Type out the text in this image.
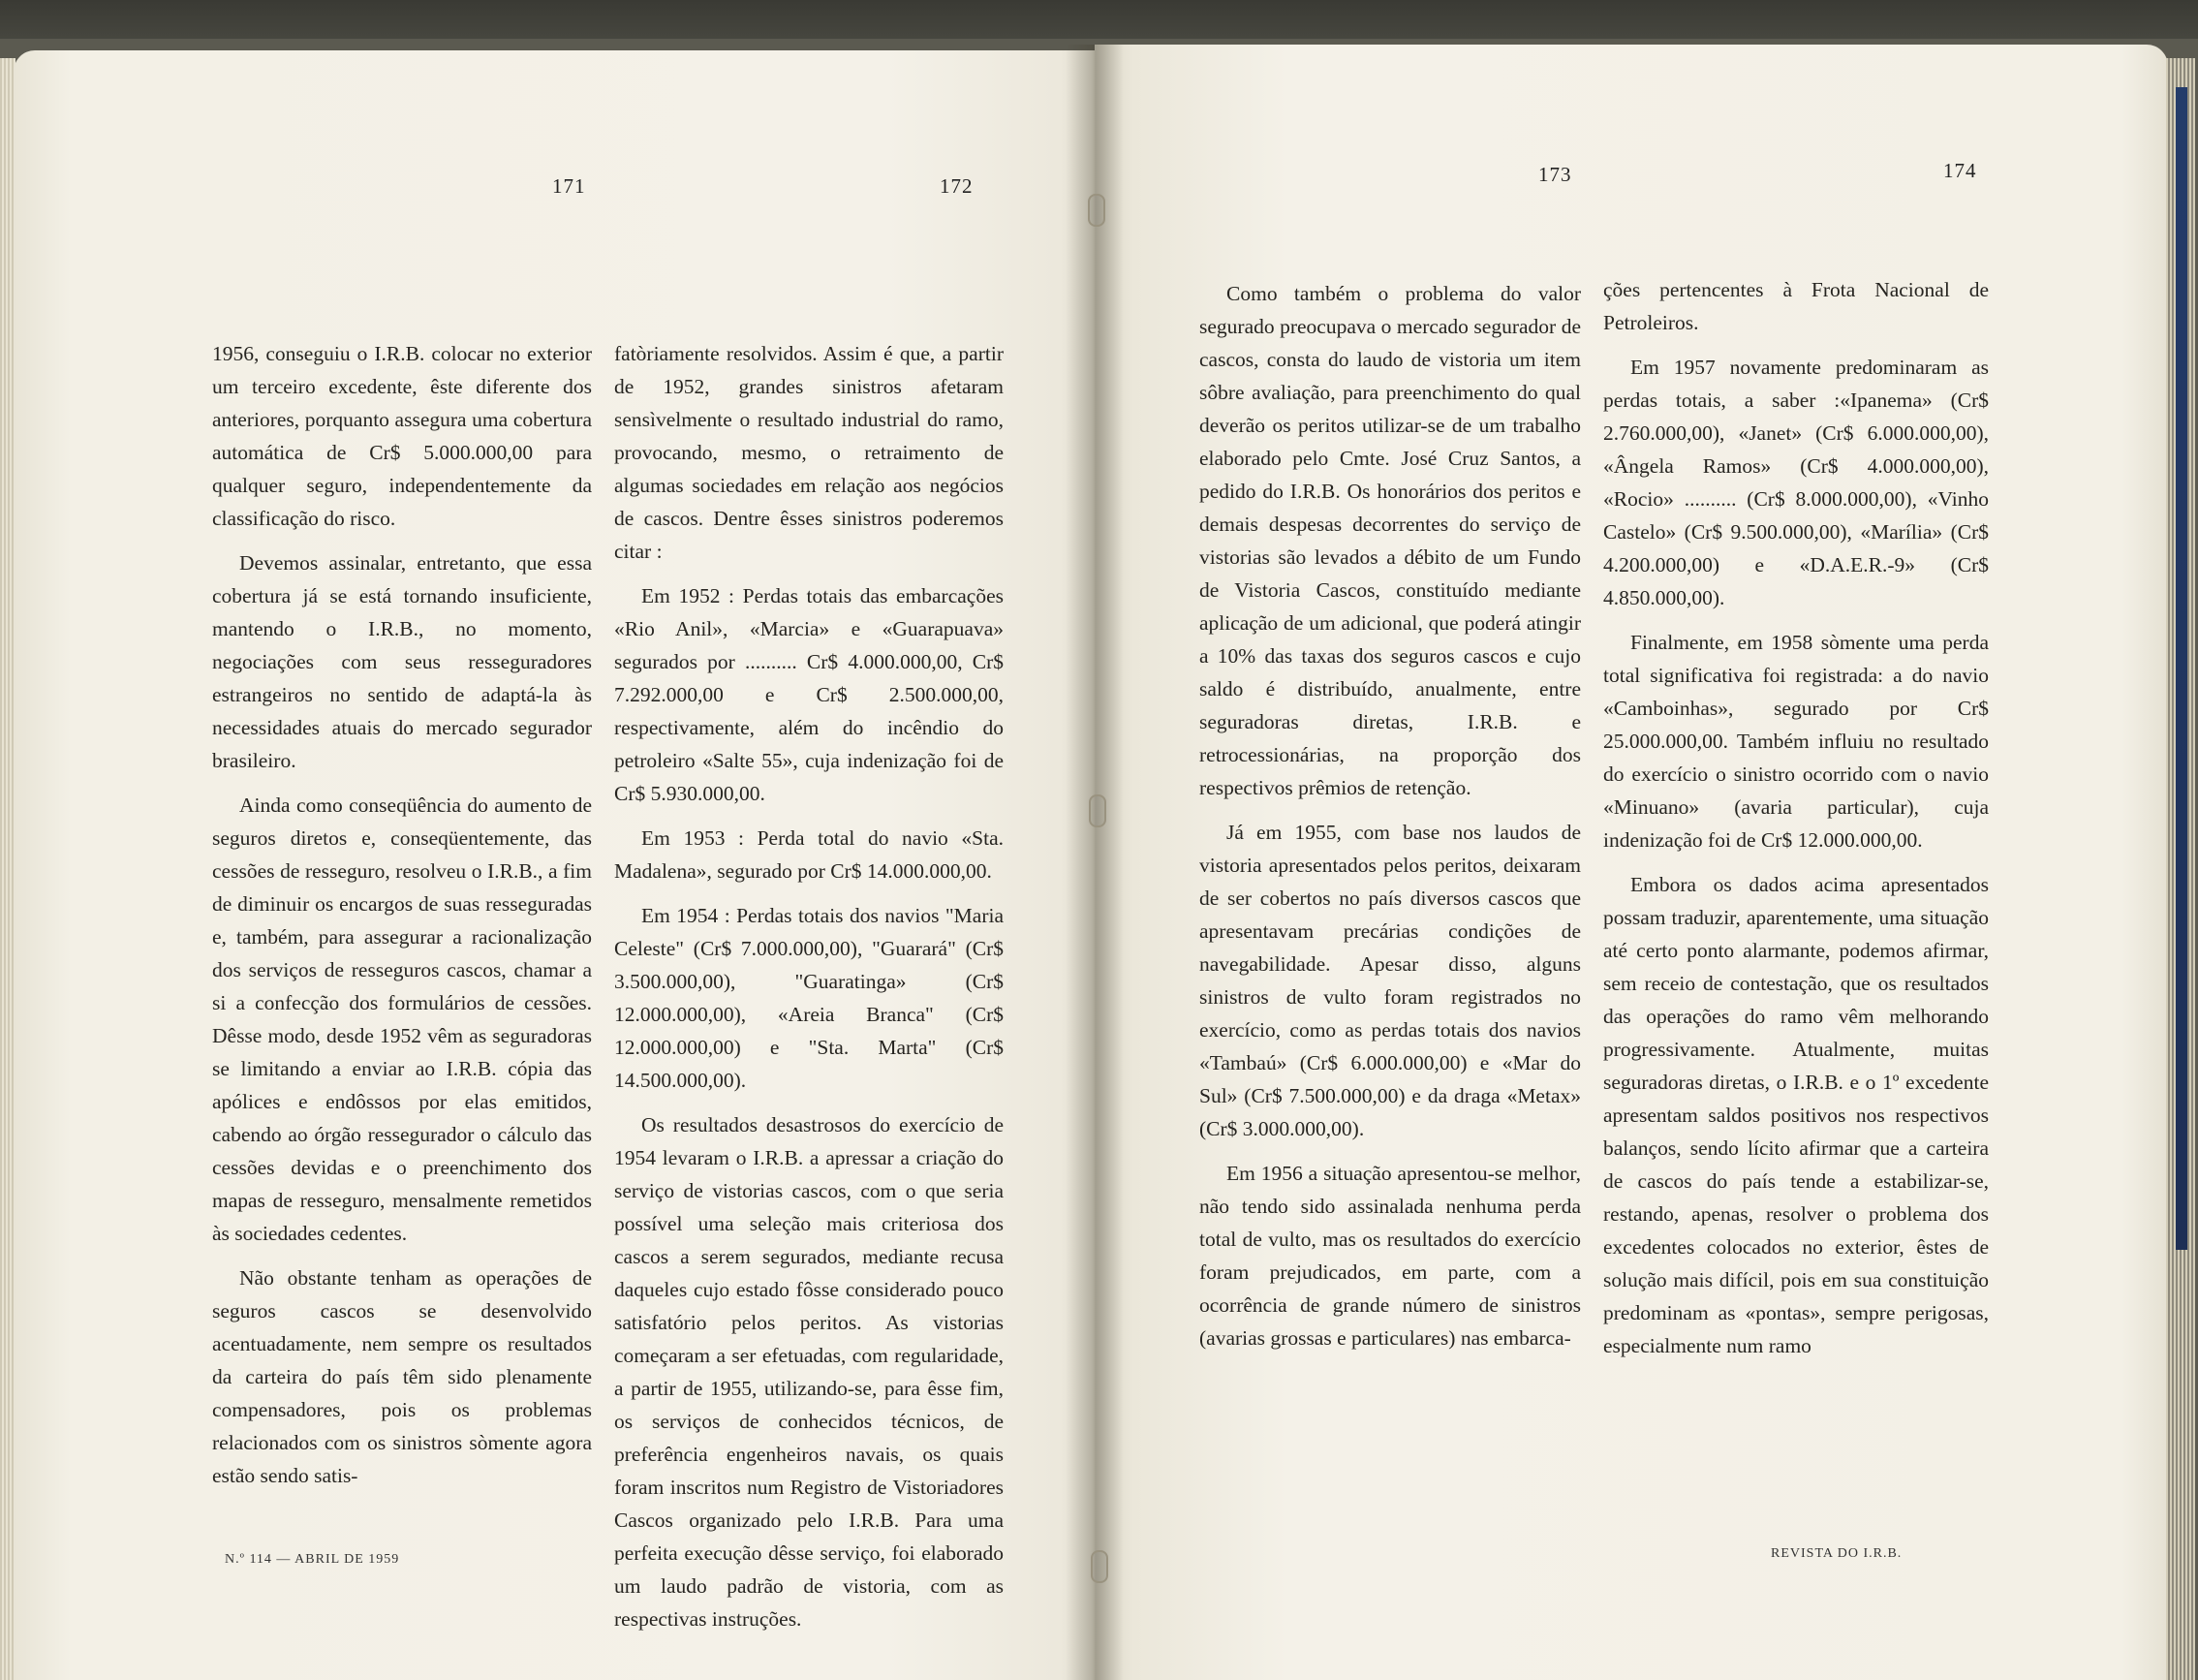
171	172

1956, conseguiu o I.R.B. colocar no exterior um terceiro excedente, êste diferente dos anteriores, porquanto assegura uma cobertura automática de Cr$ 5.000.000,00 para qualquer seguro, independentemente da classificação do risco.

Devemos assinalar, entretanto, que essa cobertura já se está tornando insuficiente, mantendo o I.R.B., no momento, negociações com seus resseguradores estrangeiros no sentido de adaptá-la às necessidades atuais do mercado segurador brasileiro.

Ainda como conseqüência do aumento de seguros diretos e, conseqüentemente, das cessões de resseguro, resolveu o I.R.B., a fim de diminuir os encargos de suas resseguradas e, também, para assegurar a racionalização dos serviços de resseguros cascos, chamar a si a confecção dos formulários de cessões. Dêsse modo, desde 1952 vêm as seguradoras se limitando a enviar ao I.R.B. cópia das apólices e endôssos por elas emitidos, cabendo ao órgão ressegurador o cálculo das cessões devidas e o preenchimento dos mapas de resseguro, mensalmente remetidos às sociedades cedentes.

Não obstante tenham as operações de seguros cascos se desenvolvido acentuadamente, nem sempre os resultados da carteira do país têm sido plenamente compensadores, pois os problemas relacionados com os sinistros sòmente agora estão sendo satis-

fatòriamente resolvidos. Assim é que, a partir de 1952, grandes sinistros afetaram sensìvelmente o resultado industrial do ramo, provocando, mesmo, o retraimento de algumas sociedades em relação aos negócios de cascos. Dentre êsses sinistros poderemos citar :

Em 1952 : Perdas totais das embarcações «Rio Anil», «Marcia» e «Guarapuava» segurados por .......... Cr$ 4.000.000,00, Cr$ 7.292.000,00 e Cr$ 2.500.000,00, respectivamente, além do incêndio do petroleiro «Salte 55», cuja indenização foi de Cr$ 5.930.000,00.

Em 1953 : Perda total do navio «Sta. Madalena», segurado por Cr$ 14.000.000,00.

Em 1954 : Perdas totais dos navios "Maria Celeste" (Cr$ 7.000.000,00), "Guarará" (Cr$ 3.500.000,00), "Guaratinga» (Cr$ 12.000.000,00), «Areia Branca" (Cr$ 12.000.000,00) e "Sta. Marta" (Cr$ 14.500.000,00).

Os resultados desastrosos do exercício de 1954 levaram o I.R.B. a apressar a criação do serviço de vistorias cascos, com o que seria possível uma seleção mais criteriosa dos cascos a serem segurados, mediante recusa daqueles cujo estado fôsse considerado pouco satisfatório pelos peritos. As vistorias começaram a ser efetuadas, com regularidade, a partir de 1955, utilizando-se, para êsse fim, os serviços de conhecidos técnicos, de preferência engenheiros navais, os quais foram inscritos num Registro de Vistoriadores Cascos organizado pelo I.R.B. Para uma perfeita execução dêsse serviço, foi elaborado um laudo padrão de vistoria, com as respectivas instruções.

N.º 114 — ABRIL DE 1959
173	174

Como também o problema do valor segurado preocupava o mercado segurador de cascos, consta do laudo de vistoria um item sôbre avaliação, para preenchimento do qual deverão os peritos utilizar-se de um trabalho elaborado pelo Cmte. José Cruz Santos, a pedido do I.R.B. Os honorários dos peritos e demais despesas decorrentes do serviço de vistorias são levados a débito de um Fundo de Vistoria Cascos, constituído mediante aplicação de um adicional, que poderá atingir a 10% das taxas dos seguros cascos e cujo saldo é distribuído, anualmente, entre seguradoras diretas, I.R.B. e retrocessionárias, na proporção dos respectivos prêmios de retenção.

Já em 1955, com base nos laudos de vistoria apresentados pelos peritos, deixaram de ser cobertos no país diversos cascos que apresentavam precárias condições de navegabilidade. Apesar disso, alguns sinistros de vulto foram registrados no exercício, como as perdas totais dos navios «Tambaú» (Cr$ 6.000.000,00) e «Mar do Sul» (Cr$ 7.500.000,00) e da draga «Metax» (Cr$ 3.000.000,00).

Em 1956 a situação apresentou-se melhor, não tendo sido assinalada nenhuma perda total de vulto, mas os resultados do exercício foram prejudicados, em parte, com a ocorrência de grande número de sinistros (avarias grossas e particulares) nas embarca-

ções pertencentes à Frota Nacional de Petroleiros.

Em 1957 novamente predominaram as perdas totais, a saber :«Ipanema» (Cr$ 2.760.000,00), «Janet» (Cr$ 6.000.000,00), «Ângela Ramos» (Cr$ 4.000.000,00), «Rocio» .......... (Cr$ 8.000.000,00), «Vinho Castelo» (Cr$ 9.500.000,00), «Marília» (Cr$ 4.200.000,00) e «D.A.E.R.-9» (Cr$ 4.850.000,00).

Finalmente, em 1958 sòmente uma perda total significativa foi registrada: a do navio «Camboinhas», segurado por Cr$ 25.000.000,00. Também influiu no resultado do exercício o sinistro ocorrido com o navio «Minuano» (avaria particular), cuja indenização foi de Cr$ 12.000.000,00.

Embora os dados acima apresentados possam traduzir, aparentemente, uma situação até certo ponto alarmante, podemos afirmar, sem receio de contestação, que os resultados das operações do ramo vêm melhorando progressivamente. Atualmente, muitas seguradoras diretas, o I.R.B. e o 1º excedente apresentam saldos positivos nos respectivos balanços, sendo lícito afirmar que a carteira de cascos do país tende a estabilizar-se, restando, apenas, resolver o problema dos excedentes colocados no exterior, êstes de solução mais difícil, pois em sua constituição predominam as «pontas», sempre perigosas, especialmente num ramo

REVISTA DO I.R.B.
